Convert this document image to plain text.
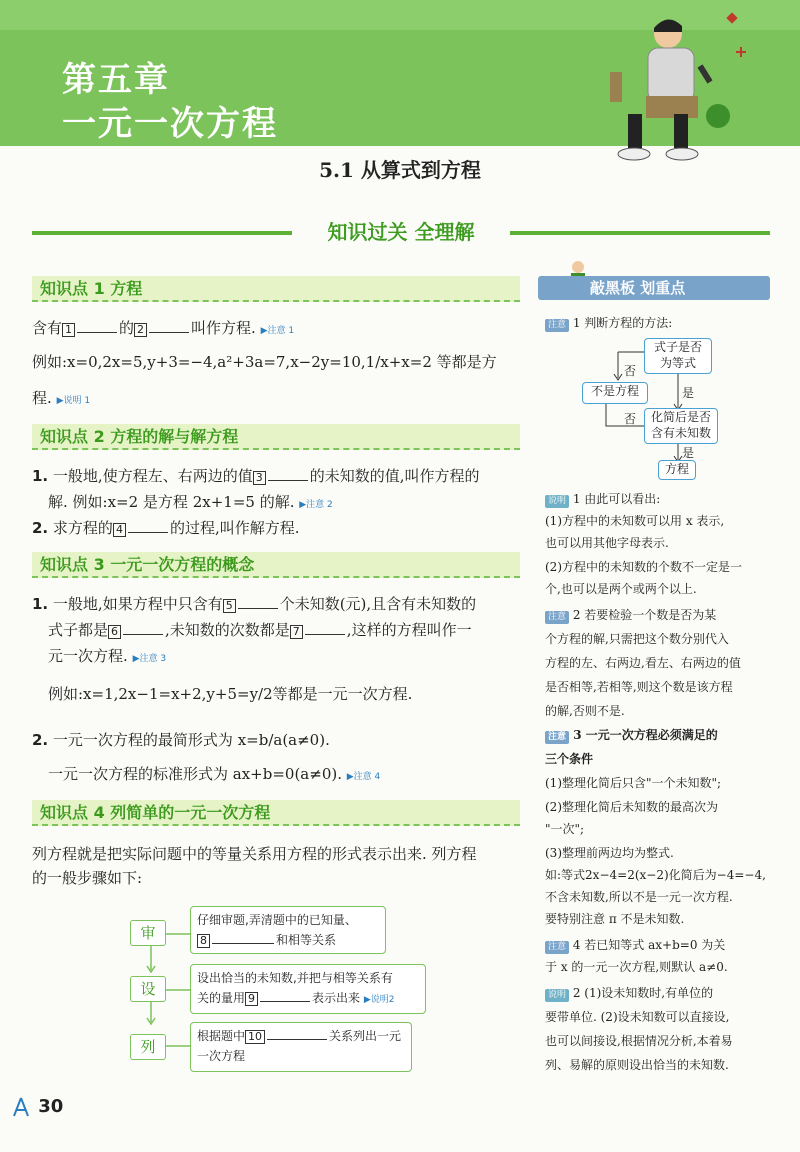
第五章
一元一次方程
5.1 从算式到方程
知识过关 全理解
知识点 1 方程
含有 1	的 2	叫作方程. ▶注意 1
例如:x=0,2x=5,y+3=−4,a²+3a=7,x−2y=10,1/x+x=2 等都是方
程. ▶说明 1
知识点 2 方程的解与解方程
1. 一般地,使方程左、右两边的值 3	的未知数的值,叫作方程的
解. 例如:x=2 是方程 2x+1=5 的解. ▶注意 2
2. 求方程的 4	的过程,叫作解方程.
知识点 3 一元一次方程的概念
1. 一般地,如果方程中只含有 5	个未知数(元),且含有未知数的
式子都是 6	,未知数的次数都是 7	,这样的方程叫作一
元一次方程. ▶注意 3
例如:x=1,2x−1=x+2,y+5=y/2等都是一元一次方程.
2. 一元一次方程的最简形式为 x=b/a(a≠0).
一元一次方程的标准形式为 ax+b=0(a≠0). ▶注意 4
知识点 4 列简单的一元一次方程
列方程就是把实际问题中的等量关系用方程的形式表示出来. 列方程
的一般步骤如下:
审
仔细审题,弄清题中的已知量、
8	和相等关系
设
设出恰当的未知数,并把与相等关系有
关的量用 9	表示出来 ▶说明2
列
根据题中 10	关系列出一元
一次方程
敲黑板 划重点
注意 1 判断方程的方法:
式子是否
为等式
否
不是方程	是
否	化简后是否
含有未知数
是
方程
说明 1 由此可以看出:
(1)方程中的未知数可以用 x 表示,
也可以用其他字母表示.
(2)方程中的未知数的个数不一定是一
个,也可以是两个或两个以上.
注意 2 若要检验一个数是否为某
个方程的解,只需把这个数分别代入
方程的左、右两边,看左、右两边的值
是否相等,若相等,则这个数是该方程
的解,否则不是.
注意 3 一元一次方程必须满足的
三个条件
(1)整理化简后只含"一个未知数";
(2)整理化简后未知数的最高次为
"一次";
(3)整理前两边均为整式.
如:等式2x−4=2(x−2)化简后为−4=−4,
不含未知数,所以不是一元一次方程.
要特别注意 π 不是未知数.
注意 4 若已知等式 ax+b=0 为关
于 x 的一元一次方程,则默认 a≠0.
说明 2 (1)设未知数时,有单位的
要带单位. (2)设未知数可以直接设,
也可以间接设,根据情况分析,本着易
列、易解的原则设出恰当的未知数.
30
